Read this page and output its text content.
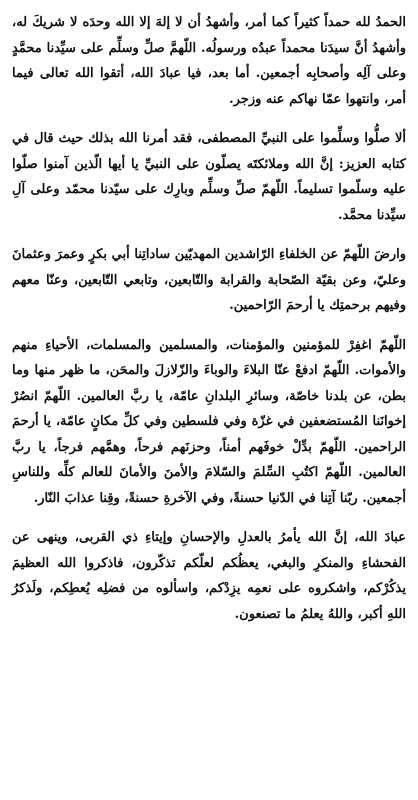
الحمدُ لله حمداً كثيراً كما أمر، وأشهدُ أن لا إلهَ إلا الله وحدَه لا شريكَ له، وأشهدُ أنَّ سيدَنا محمداً عبدُه ورسولُه. اللّهمَّ صلِّ وسلِّم على سيِّدنا محمَّدٍ وعلى آلِه وأصحابِه أجمعين. أما بعد، فيا عبادَ الله، أتقوا الله تعالى فيما أمر، وانتهوا عمّا نهاكم عنه وزجر.

ألا صلُّوا وسلِّموا على النبيِّ المصطفى، فقد أمرنا الله بذلك حيث قال في كتابه العزيز: إنَّ الله وملائكتَه يصلّون على النبيِّ يا أيها الّذين آمنوا صلّوا عليه وسلّموا تسليماً. اللّهمّ صلِّ وسلِّم وبارِك على سيّدنا محمّد وعلى آلِ سيِّدنا محمَّد.

وارضَ اللّهمّ عن الخلفاءِ الرّاشدين المهديّين ساداتِنا أبي بكرٍ وعمرَ وعثمانَ وعليّ، وعن بقيّة الصّحابة والقرابة والتّابعين، وتابعي التّابعين، وعنّا معهم وفيهم برحمتِك يا أرحمَ الرّاحمين.

اللّهمّ اغفِرْ للمؤمنين والمؤمنات، والمسلمين والمسلمات، الأحياءِ منهم والأموات. اللّهمّ ادفعْ عنّا البلاءَ والوباءَ والزّلازلَ والمحَن، ما ظهر منها وما بطن، عن بلدنا خاصّة، وسائرِ البلدانِ عامّة، يا ربَّ العالمين. اللّهمّ انصُرْ إخوانَنا المُستضعفين في غزّة وفي فلسطين وفي كلِّ مكانٍ عامّة، يا أرحمَ الراحمين. اللّهمّ بدِّلْ خوفَهم أمناً، وحزنَهم فرحاً، وهمَّهم فرجاً، يا ربَّ العالمين. اللّهمّ اكتُبِ السِّلمَ والسّلامَ والأمنَ والأمانَ للعالم كلِّه وللناسِ أجمعين. ربّنا آتِنا في الدّنيا حسنةً، وفي الآخرةِ حسنةً، وقِنا عذابَ النّار.

عبادَ الله، إنَّ الله يأمرُ بالعدلِ والإحسانِ وإيتاءِ ذي القربى، وينهى عن الفحشاءِ والمنكرِ والبغي، يعظُكم لعلّكم تذكّرون، فاذكروا الله العظيمَ يذكُرْكم، واشكروه على نعمِه يزِدْكم، واسألوه من فضلِه يُعطِكم، ولَذكرُ اللهِ أكبر، واللهُ يعلمُ ما تصنعون.
